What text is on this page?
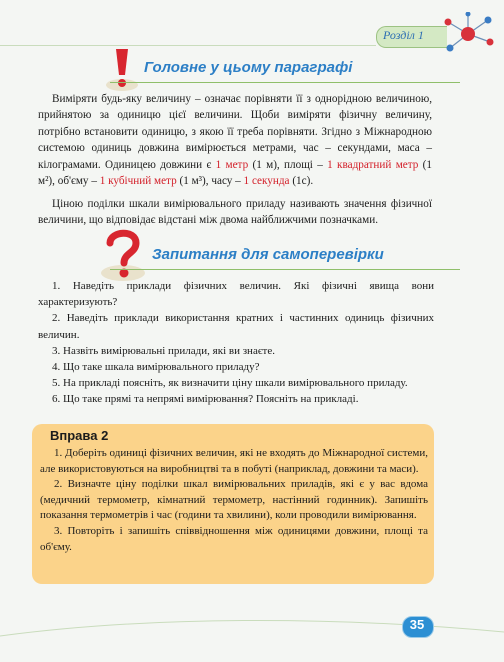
Розділ 1
Головне у цьому параграфі
Виміряти будь-яку величину – означає порівняти її з однорідною величиною, прийнятою за одиницю цієї величини. Щоби виміряти фізичну величину, потрібно встановити одиницю, з якою її треба порівняти. Згідно з Міжнародною системою одиниць довжина вимірюється метрами, час – секундами, маса – кілограмами. Одиницею довжини є 1 метр (1 м), площі – 1 квадратний метр (1 м²), об'єму – 1 кубічний метр (1 м³), часу – 1 секунда (1с).
Ціною поділки шкали вимірювального приладу називають значення фізичної величини, що відповідає відстані між двома найближчими позначками.
Запитання для самоперевірки
1. Наведіть приклади фізичних величин. Які фізичні явища вони характеризують?
2. Наведіть приклади використання кратних і частинних одиниць фізичних величин.
3. Назвіть вимірювальні прилади, які ви знаєте.
4. Що таке шкала вимірювального приладу?
5. На прикладі поясніть, як визначити ціну шкали вимірювального приладу.
6. Що таке прямі та непрямі вимірювання? Поясніть на прикладі.
Вправа 2
1. Доберіть одиниці фізичних величин, які не входять до Міжнародної системи, але використовуються на виробництві та в побуті (наприклад, довжини та маси).
2. Визначте ціну поділки шкал вимірювальних приладів, які є у вас вдома (медичний термометр, кімнатний термометр, настінний годинник). Запишіть показання термометрів і час (години та хвилини), коли проводили вимірювання.
3. Повторіть і запишіть співвідношення між одиницями довжини, площі та об'єму.
35
